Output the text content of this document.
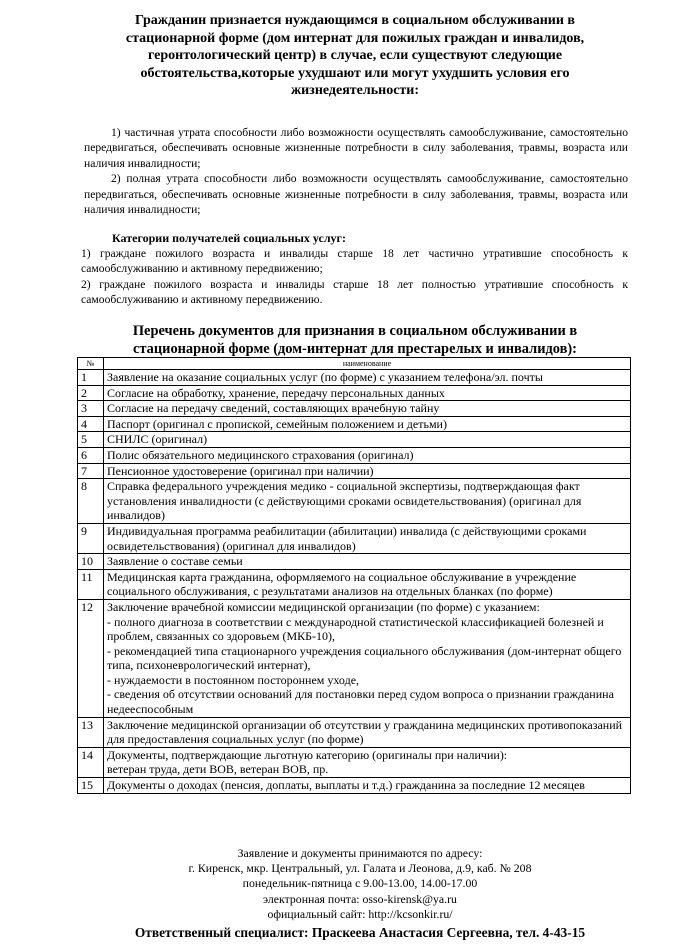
Гражданин признается нуждающимся в социальном обслуживании в стационарной форме (дом интернат для пожилых граждан и инвалидов, геронтологический центр) в случае, если существуют следующие обстоятельства,которые ухудшают или могут ухудшить условия его жизнедеятельности:

1) частичная утрата способности либо возможности осуществлять самообслуживание, самостоятельно передвигаться, обеспечивать основные жизненные потребности в силу заболевания, травмы, возраста или наличия инвалидности;

2) полная утрата способности либо возможности осуществлять самообслуживание, самостоятельно передвигаться, обеспечивать основные жизненные потребности в силу заболевания, травмы, возраста или наличия инвалидности;

Категории получателей социальных услуг:

1) граждане пожилого возраста и инвалиды старше 18 лет частично утратившие способность к самообслуживанию и активному передвижению;

2) граждане пожилого возраста и инвалиды старше 18 лет полностью утратившие способность к самообслуживанию и активному передвижению.

Перечень документов для признания в социальном обслуживании в стационарной форме (дом-интернат для престарелых и инвалидов):
№	наименование
1	Заявление на оказание социальных услуг (по форме) с указанием телефона/эл. почты

2	Согласие на обработку, хранение, передачу персональных данных

3	Согласие на передачу сведений, составляющих врачебную тайну

4	Паспорт (оригинал с пропиской, семейным положением и детьми)

5	СНИЛС (оригинал)

6	Полис обязательного медицинского страхования (оригинал)

7	Пенсионное удостоверение (оригинал при наличии)

8	Справка федерального учреждения медико - социальной экспертизы, подтверждающая факт установления инвалидности (с действующими сроками освидетельствования) (оригинал для инвалидов)

9	Индивидуальная программа реабилитации (абилитации) инвалида (с действующими сроками освидетельствования) (оригинал для инвалидов)

10	Заявление о составе семьи

11	Медицинская карта гражданина, оформляемого на социальное обслуживание в учреждение социального обслуживания, с результатами анализов на отдельных бланках (по форме)

12	Заключение врачебной комиссии медицинской организации (по форме) с указанием:
- полного диагноза в соответствии с международной статистической классификацией болезней и проблем, связанных со здоровьем (МКБ-10),
- рекомендацией типа стационарного учреждения социального обслуживания (дом-интернат общего типа, психоневрологический интернат),
- нуждаемости в постоянном постороннем уходе,
- сведения об отсутствии оснований для постановки перед судом вопроса о признании гражданина недееспособным

13	Заключение медицинской организации об отсутствии у гражданина медицинских противопоказаний для предоставления социальных услуг (по форме)

14	Документы, подтверждающие льготную категорию (оригиналы при наличии):
ветеран труда, дети ВОВ, ветеран ВОВ, пр.

15	Документы о доходах (пенсия, доплаты, выплаты и т.д.) гражданина за последние 12 месяцев
Заявление и документы принимаются по адресу:
г. Киренск, мкр. Центральный, ул. Галата и Леонова, д.9, каб. № 208
понедельник-пятница с 9.00-13.00, 14.00-17.00
электронная почта: osso-kirensk@ya.ru
официальный сайт: http://kcsonkir.ru/
Ответственный специалист: Праскеева Анастасия Сергеевна, тел. 4-43-15
